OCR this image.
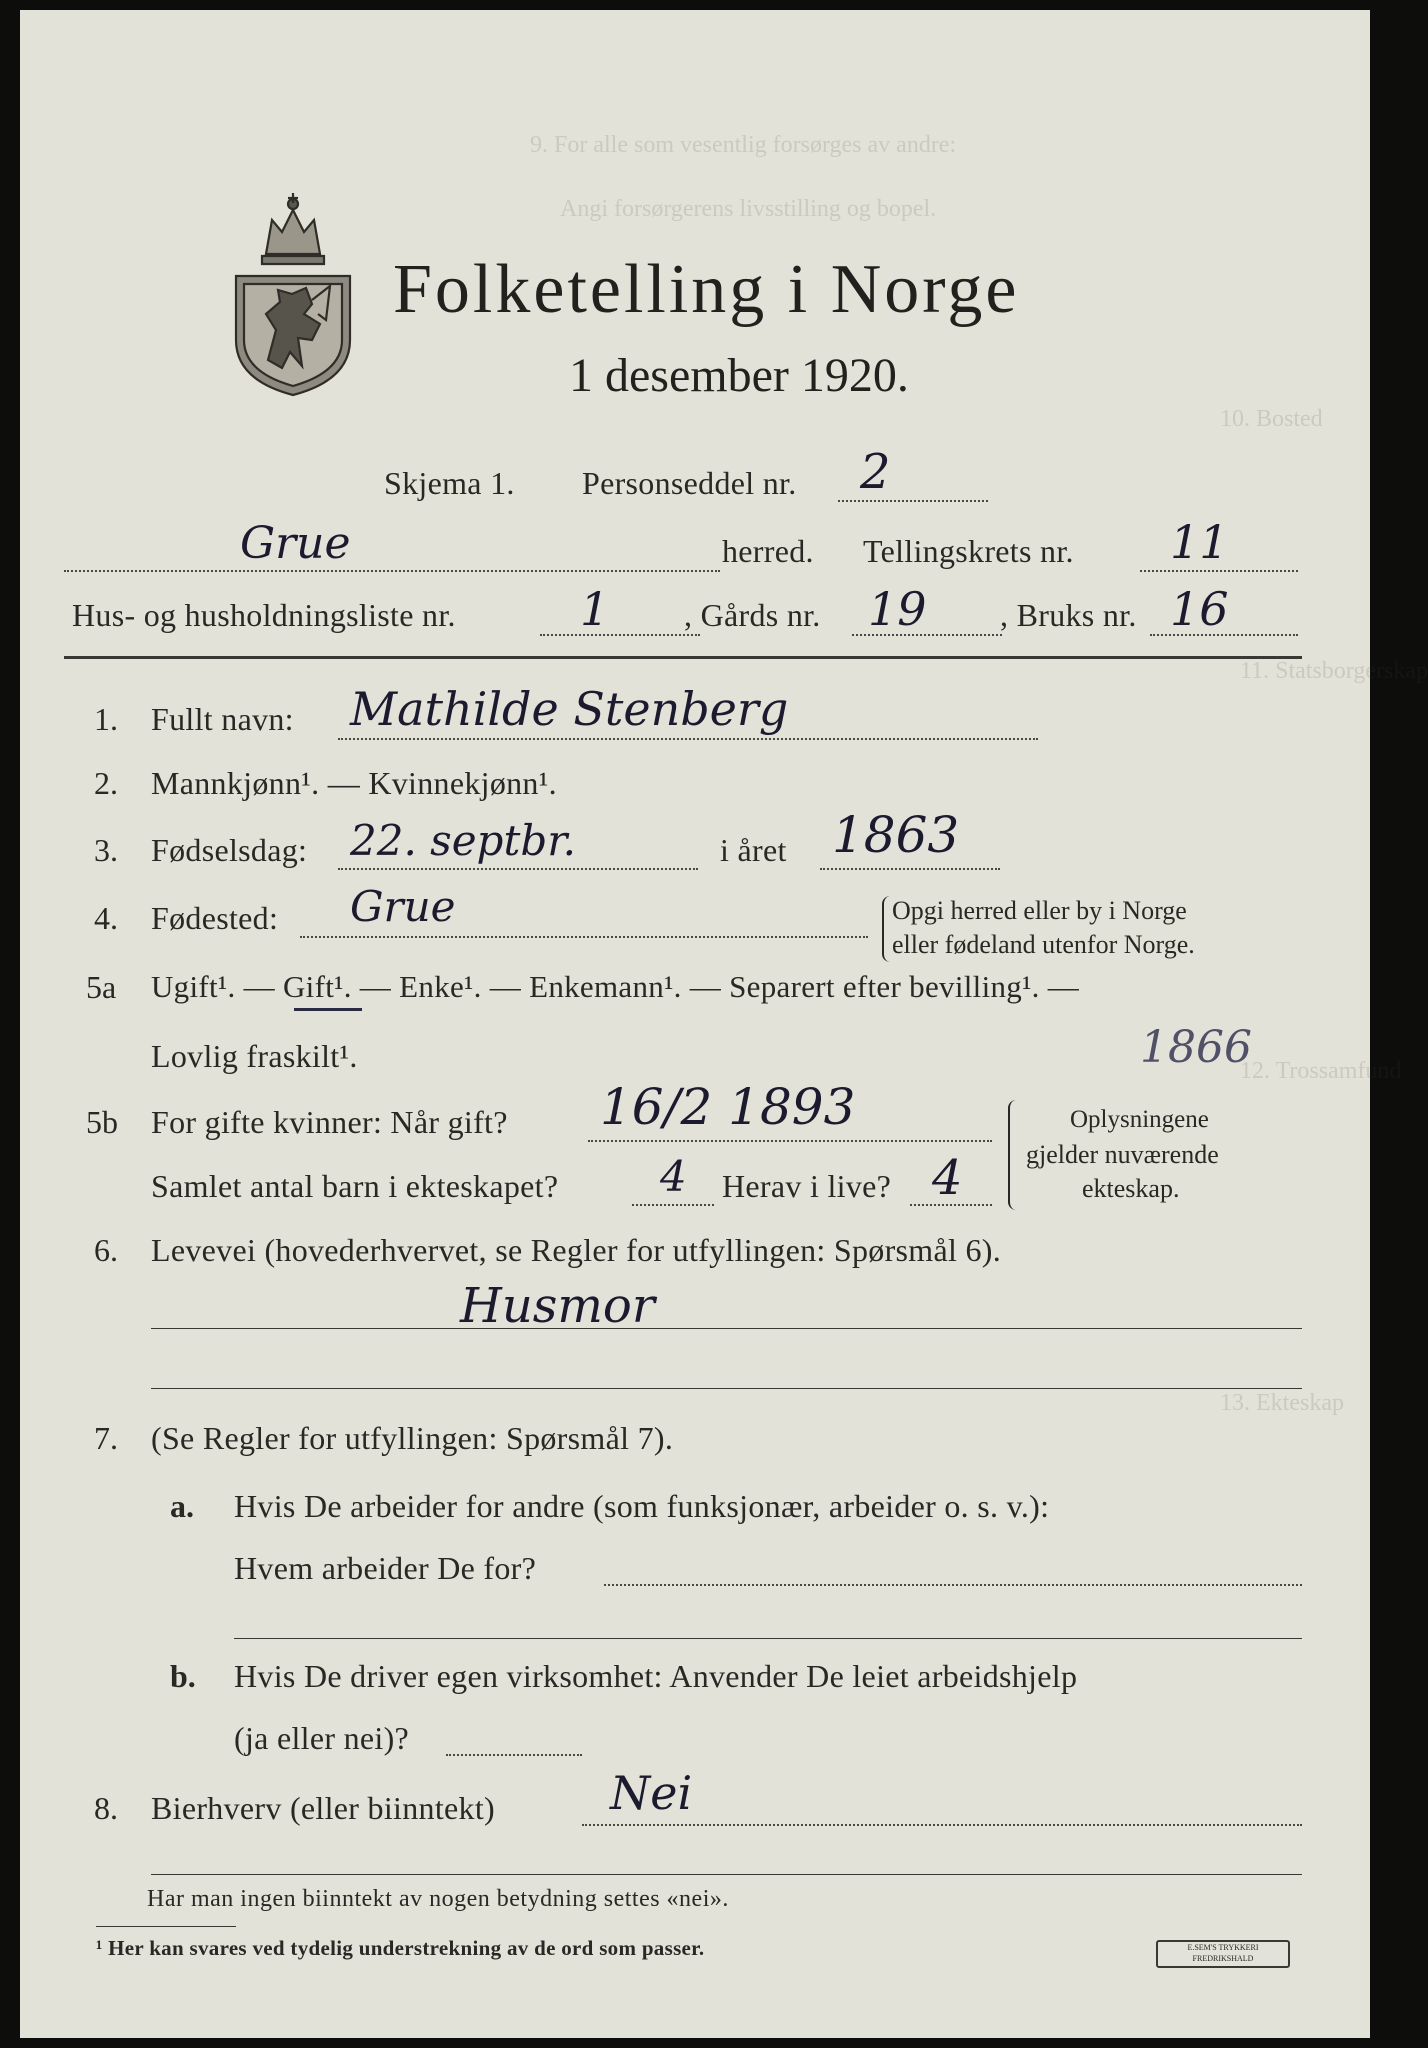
9. For alle som vesentlig forsørges av andre:
Angi forsørgerens livsstilling og bopel.
10. Bosted
11. Statsborgerskap
12. Trossamfund
13. Ekteskap
Folketelling i Norge
1 desember 1920.
Skjema 1. Personseddel nr. 2
Grue	herred. Tellingskrets nr. 11
Hus- og husholdningsliste nr.	1 , Gårds nr. 19 , Bruks nr. 16
1. Fullt navn: Mathilde Stenberg
2. Mannkjønn¹. — Kvinnekjønn¹.
3. Fødselsdag: 22. septbr.	i året 1863
4. Fødested: Grue	Opgi herred eller by i Norge
eller fødeland utenfor Norge.
5a Ugift¹. — Gift¹. — Enke¹. — Enkemann¹. — Separert efter bevilling¹. —
Lovlig fraskilt¹.	1866
5b For gifte kvinner: Når gift? 16/2 1893
Samlet antal barn i ekteskapet? 4 Herav i live? 4
Oplysningene
gjelder nuværende
ekteskap.
6. Levevei (hovederhvervet, se Regler for utfyllingen: Spørsmål 6).
Husmor
7. (Se Regler for utfyllingen: Spørsmål 7).
a. Hvis De arbeider for andre (som funksjonær, arbeider o. s. v.):
Hvem arbeider De for?
b. Hvis De driver egen virksomhet: Anvender De leiet arbeidshjelp
(ja eller nei)?
8. Bierhverv (eller biinntekt)	Nei
Har man ingen biinntekt av nogen betydning settes «nei».
¹ Her kan svares ved tydelig understrekning av de ord som passer.	E.SEM'S TRYKKERI FREDRIKSHALD
